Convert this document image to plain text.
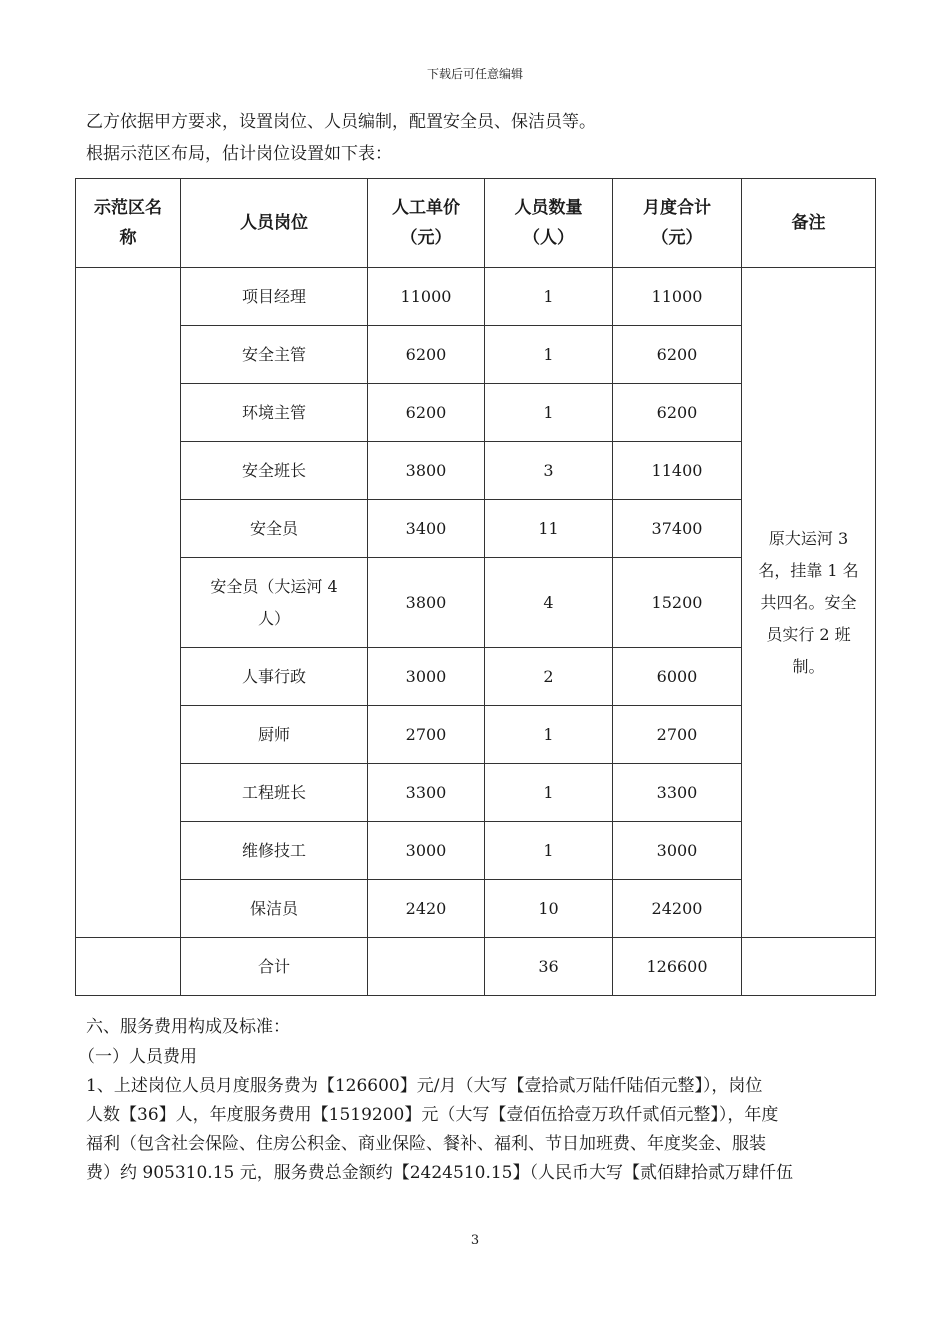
下载后可任意编辑
乙方依据甲方要求，设置岗位、人员编制，配置安全员、保洁员等。
根据示范区布局，估计岗位设置如下表：
示范区名
称	人员岗位	人工单价
（元）	人员数量
（人）	月度合计
（元）	备注
	项目经理	11000	1	11000	原大运河 3
名，挂靠 1 名
共四名。安全
员实行 2 班
制。
	安全主管	6200	1	6200	
	环境主管	6200	1	6200	
	安全班长	3800	3	11400	
	安全员	3400	11	37400	
	安全员（大运河 4
人）	3800	4	15200	
	人事行政	3000	2	6000	
	厨师	2700	1	2700	
	工程班长	3300	1	3300	
	维修技工	3000	1	3000	
	保洁员	2420	10	24200	
	合计		36	126600	
六、服务费用构成及标准：
（一）人员费用
1、上述岗位人员月度服务费为【126600】元/月（大写【壹拾贰万陆仟陆佰元整】），岗位
人数【36】人，年度服务费用【1519200】元（大写【壹佰伍拾壹万玖仟贰佰元整】），年度
福利（包含社会保险、住房公积金、商业保险、餐补、福利、节日加班费、年度奖金、服装
费）约 905310.15 元，服务费总金额约【2424510.15】（人民币大写【贰佰肆拾贰万肆仟伍
3
